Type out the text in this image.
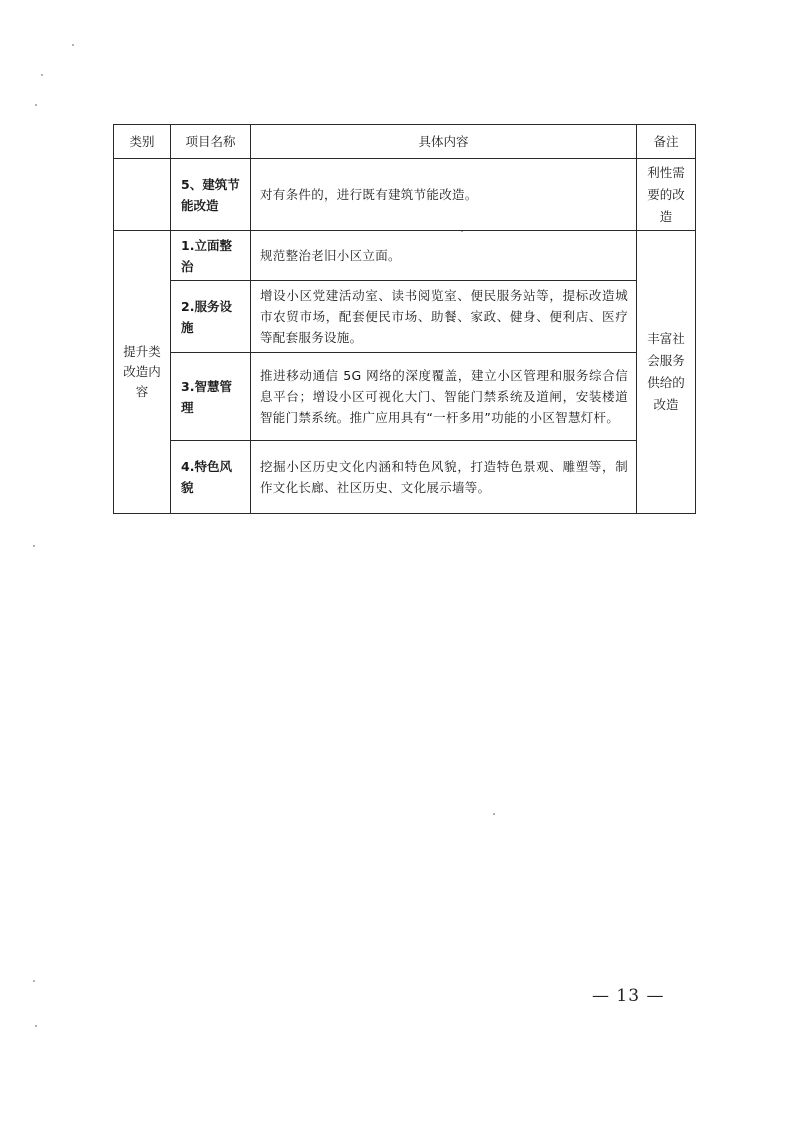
类别	项目名称	具体内容	备注
	5、建筑节能改造	对有条件的，进行既有建筑节能改造。	利性需要的改造
提升类改造内容	1.立面整治	规范整治老旧小区立面。	丰富社会服务供给的改造
	2.服务设施	增设小区党建活动室、读书阅览室、便民服务站等，提标改造城市农贸市场，配套便民市场、助餐、家政、健身、便利店、医疗等配套服务设施。	
	3.智慧管理	推进移动通信 5G 网络的深度覆盖，建立小区管理和服务综合信息平台；增设小区可视化大门、智能门禁系统及道闸，安装楼道智能门禁系统。推广应用具有“一杆多用”功能的小区智慧灯杆。	
	4.特色风貌	挖掘小区历史文化内涵和特色风貌，打造特色景观、雕塑等，制作文化长廊、社区历史、文化展示墙等。	
— 13 —
